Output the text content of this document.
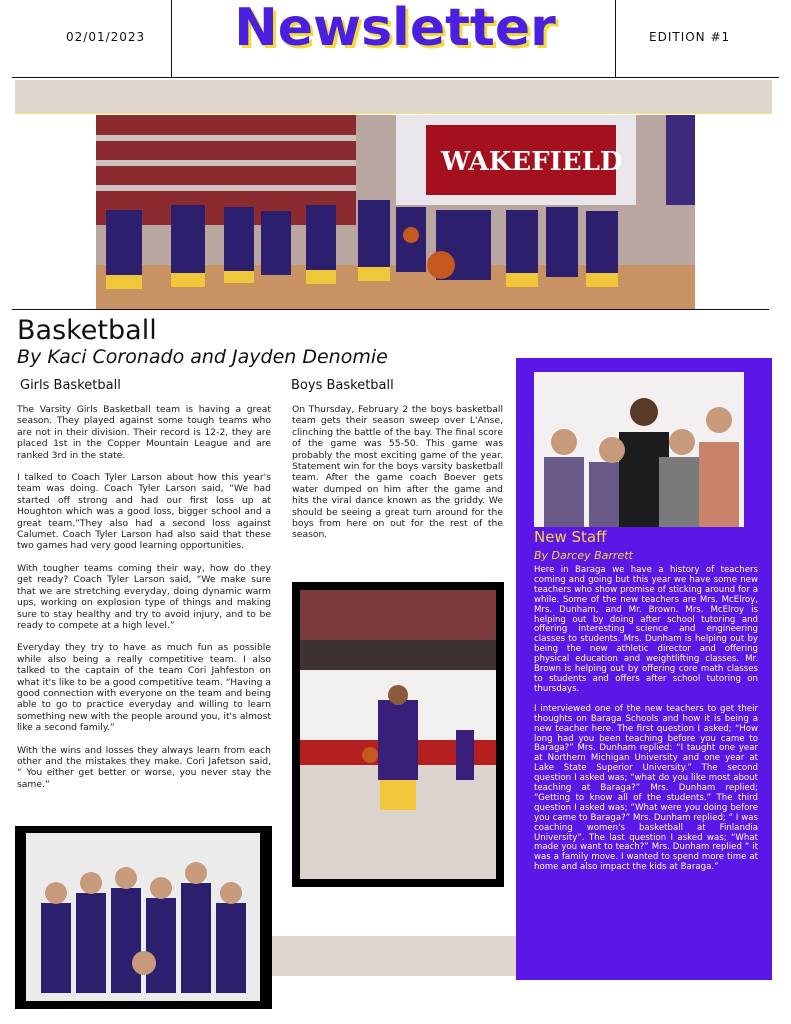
02/01/2023	Newsletter	EDITION #1
WAKEFIELD
Basketball
By Kaci Coronado and Jayden Denomie
Girls Basketball

The Varsity Girls Basketball team is having a great season. They played against some tough teams who are not in their division. Their record is 12-2, they are placed 1st in the Copper Mountain League and are ranked 3rd in the state.

I talked to Coach Tyler Larson about how this year's team was doing. Coach Tyler Larson said, “We had started off strong and had our first loss up at Houghton which was a good loss, bigger school and a great team.”They also had a second loss against Calumet. Coach Tyler Larson had also said that these two games had very good learning opportunities.

With tougher teams coming their way, how do they get ready? Coach Tyler Larson said, “We make sure that we are stretching everyday, doing dynamic warm ups, working on explosion type of things and making sure to stay healthy and try to avoid injury, and to be ready to compete at a high level.”

Everyday they try to have as much fun as possible while also being a really competitive team. I also talked to the captain of the team Cori Jahfeston on what it's like to be a good competitive team. “Having a good connection with everyone on the team and being able to go to practice everyday and willing to learn something new with the people around you, it's almost like a second family.”

With the wins and losses they always learn from each other and the mistakes they make. Cori Jafetson said, “ You either get better or worse, you never stay the same.”

Boys Basketball

On Thursday, February 2 the boys basketball team gets their season sweep over L'Anse, clinching the battle of the bay. The final score of the game was 55-50. This game was probably the most exciting game of the year. Statement win for the boys varsity basketball team. After the game coach Boever gets water dumped on him after the game and hits the viral dance known as the griddy. We should be seeing a great turn around for the boys from here on out for the rest of the season.	New Staff
By Darcey Barrett

Here in Baraga we have a history of teachers coming and going but this year we have some new teachers who show promise of sticking around for a while. Some of the new teachers are Mrs. McElroy, Mrs. Dunham, and Mr. Brown. Mrs. McElroy is helping out by doing after school tutoring and offering interesting science and engineering classes to students. Mrs. Dunham is helping out by being the new athletic director and offering physical education and weightlifting classes. Mr. Brown is helping out by offering core math classes to students and offers after school tutoring on thursdays.

I interviewed one of the new teachers to get their thoughts on Baraga Schools and how it is being a new teacher here. The first question I asked; “How long had you been teaching before you came to Baraga?” Mrs. Dunham replied: “I taught one year at Northern Michigan University and one year at Lake State Superior University.” The second question I asked was; “what do you like most about teaching at Baraga?” Mrs. Dunham replied; “Getting to know all of the students.” The third question I asked was; “What were you doing before you came to Baraga?” Mrs. Dunham replied; “ I was coaching women's basketball at Finlandia University”. The last question I asked was; “What made you want to teach?” Mrs. Dunham replied “ it was a family move. I wanted to spend more time at home and also impact the kids at Baraga.”
